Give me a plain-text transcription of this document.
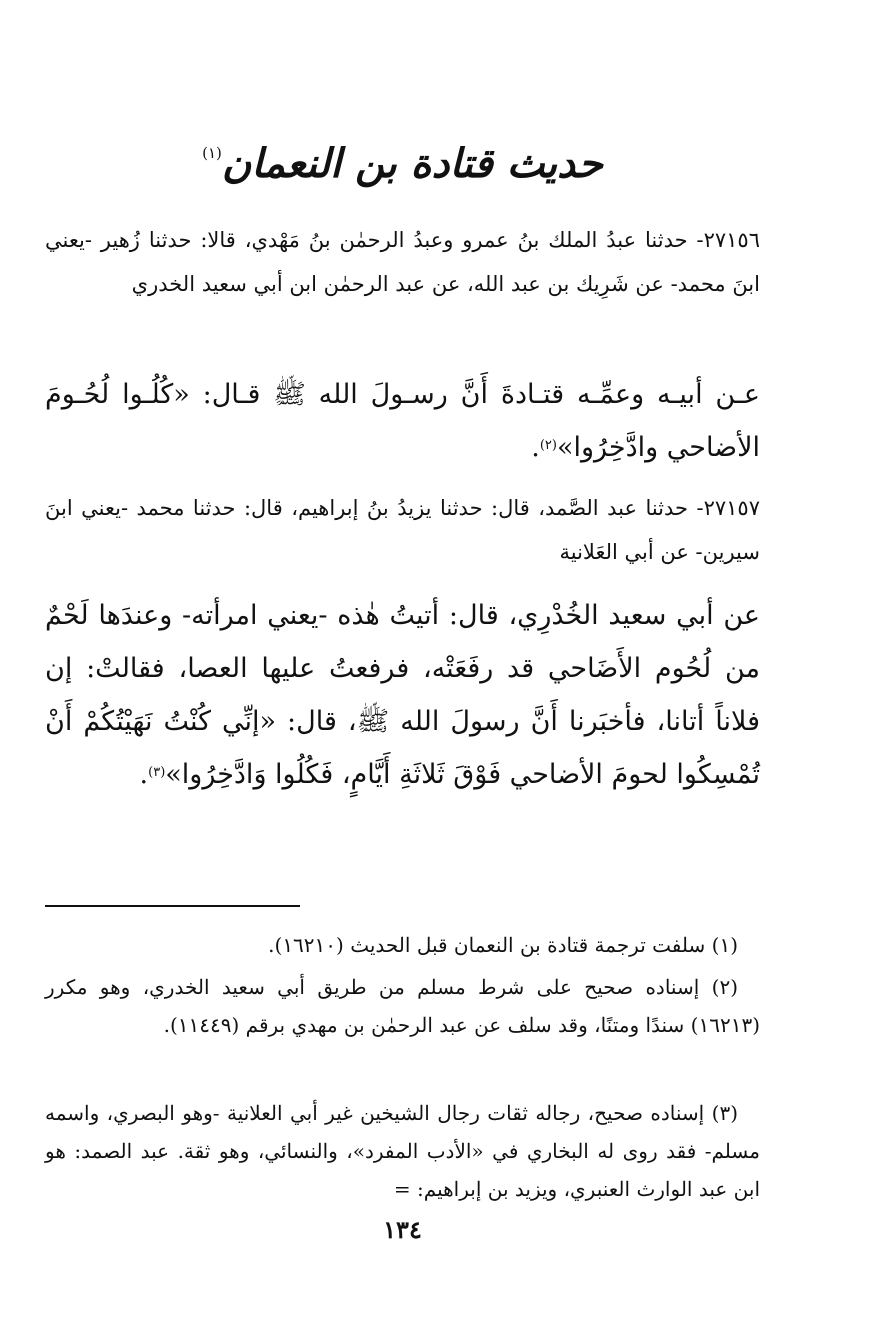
حديث قتادة بن النعمان$^{(١)}$

٢٧١٥٦- حدثنا عبدُ الملك بنُ عمرو وعبدُ الرحمٰن بنُ مَهْدي، قالا: حدثنا زُهير -يعني ابنَ محمد- عن شَرِيك بن عبد الله، عن عبد الرحمٰن ابن أبي سعيد الخدري

عـن أبيـه وعمِّـه قتـادةَ أَنَّ رسـولَ الله ﷺ قـال: «كُلُـوا لُحُـومَ الأضاحي وادَّخِرُوا»$^{(٢)}$.

٢٧١٥٧- حدثنا عبد الصَّمد، قال: حدثنا يزيدُ بنُ إبراهيم، قال: حدثنا محمد -يعني ابنَ سيرين- عن أبي العَلانية

عن أبي سعيد الخُدْرِي، قال: أتيتُ هٰذه -يعني امرأته- وعندَها لَحْمٌ من لُحُوم الأَضَاحي قد رفَعَتْه، فرفعتُ عليها العصا، فقالتْ: إن فلاناً أتانا، فأخبَرنا أَنَّ رسولَ الله ﷺ، قال: «إنِّي كُنْتُ نَهَيْتُكُمْ أَنْ تُمْسِكُوا لحومَ الأضاحي فَوْقَ ثَلاثَةِ أَيَّامٍ، فَكُلُوا وَادَّخِرُوا»$^{(٣)}$.

(١) سلفت ترجمة قتادة بن النعمان قبل الحديث (١٦٢١٠).

(٢) إسناده صحيح على شرط مسلم من طريق أبي سعيد الخدري، وهو مكرر (١٦٢١٣) سندًا ومتنًا، وقد سلف عن عبد الرحمٰن بن مهدي برقم (١١٤٤٩).

(٣) إسناده صحيح، رجاله ثقات رجال الشيخين غير أبي العلانية -وهو البصري، واسمه مسلم- فقد روى له البخاري في «الأدب المفرد»، والنسائي، وهو ثقة. عبد الصمد: هو ابن عبد الوارث العنبري، ويزيد بن إبراهيم: =

١٣٤
